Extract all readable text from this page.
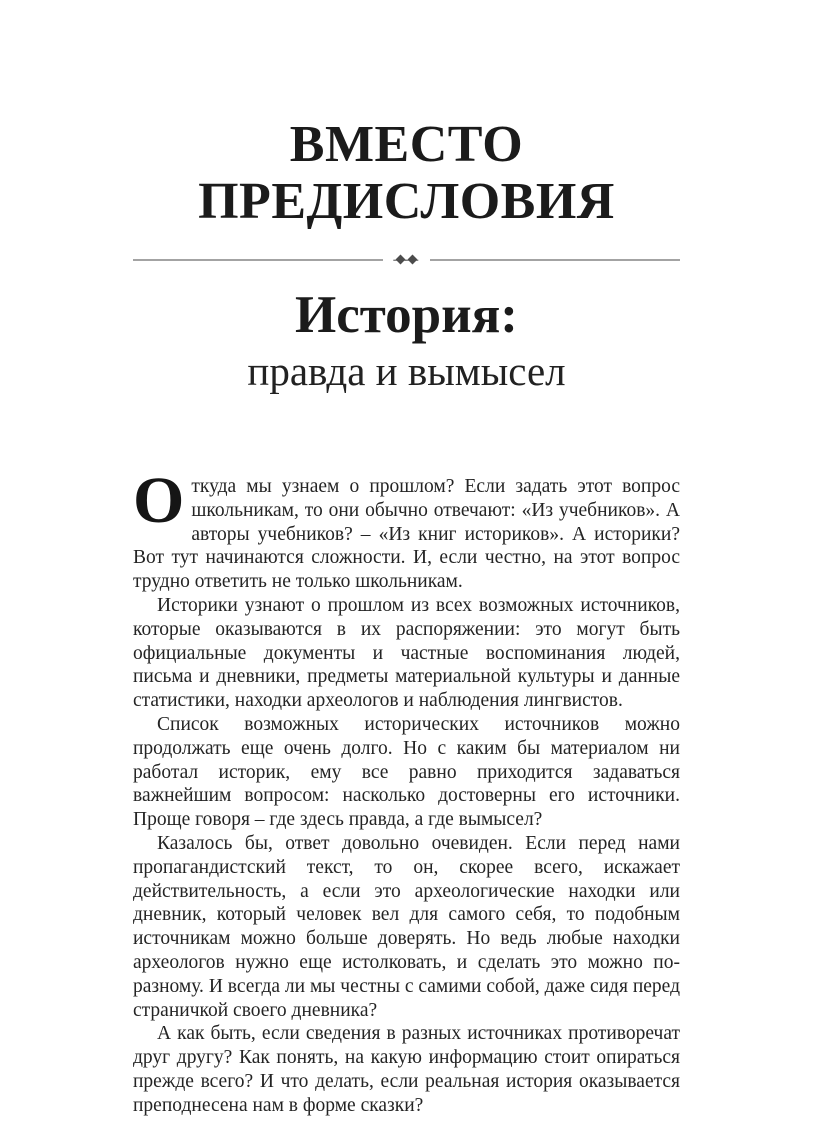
ВМЕСТО
ПРЕДИСЛОВИЯ
История:
правда и вымысел

Откуда мы узнаем о прошлом? Если задать этот вопрос школьникам, то они обычно отвечают: «Из учебников». А авторы учебников? – «Из книг историков». А историки? Вот тут начинаются сложности. И, если честно, на этот вопрос трудно ответить не только школьникам.

Историки узнают о прошлом из всех возможных источников, которые оказываются в их распоряжении: это могут быть официальные документы и частные воспоминания людей, письма и дневники, предметы материальной культуры и данные статистики, находки археологов и наблюдения лингвистов.

Список возможных исторических источников можно продолжать еще очень долго. Но с каким бы материалом ни работал историк, ему все равно приходится задаваться важнейшим вопросом: насколько достоверны его источники. Проще говоря – где здесь правда, а где вымысел?

Казалось бы, ответ довольно очевиден. Если перед нами пропагандистский текст, то он, скорее всего, искажает действительность, а если это археологические находки или дневник, который человек вел для самого себя, то подобным источникам можно больше доверять. Но ведь любые находки археологов нужно еще истолковать, и сделать это можно по-разному. И всегда ли мы честны с самими собой, даже сидя перед страничкой своего дневника?

А как быть, если сведения в разных источниках противоречат друг другу? Как понять, на какую информацию стоит опираться прежде всего? И что делать, если реальная история оказывается преподнесена нам в форме сказки?
